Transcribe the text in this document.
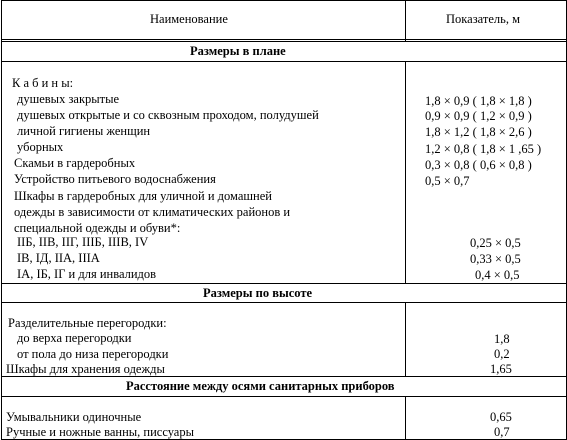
Наименование	Показатель, м
Размеры в плане
К а б и н ы:
душевых закрытые	1,8 × 0,9 ( 1,8 × 1,8 )
душевых открытые и со сквозным проходом, полудушей	0,9 × 0,9 ( 1,2 × 0,9 )
личной гигиены женщин	1,8 × 1,2 ( 1,8 × 2,6 )
уборных	1,2 × 0,8 ( 1,8 × 1 ,65 )
Скамьи в гардеробных	0,3 × 0,8 ( 0,6 × 0,8 )
Устройство питьевого водоснабжения	0,5 × 0,7
Шкафы в гардеробных для уличной и домашней
одежды в зависимости от климатических районов и
специальной одежды и обуви*:
IIБ, IIВ, IIГ, IIIБ, IIIВ, IV	0,25 × 0,5
IВ, IД, IIА, IIIА	0,33 × 0,5
IА, IБ, IГ и для инвалидов	0,4 × 0,5
Размеры по высоте
Разделительные перегородки:
до верха перегородки	1,8
от пола до низа перегородки	0,2
Шкафы для хранения одежды	1,65
Расстояние между осями санитарных приборов
Умывальники одиночные	0,65
Ручные и ножные ванны, писсуары	0,7
